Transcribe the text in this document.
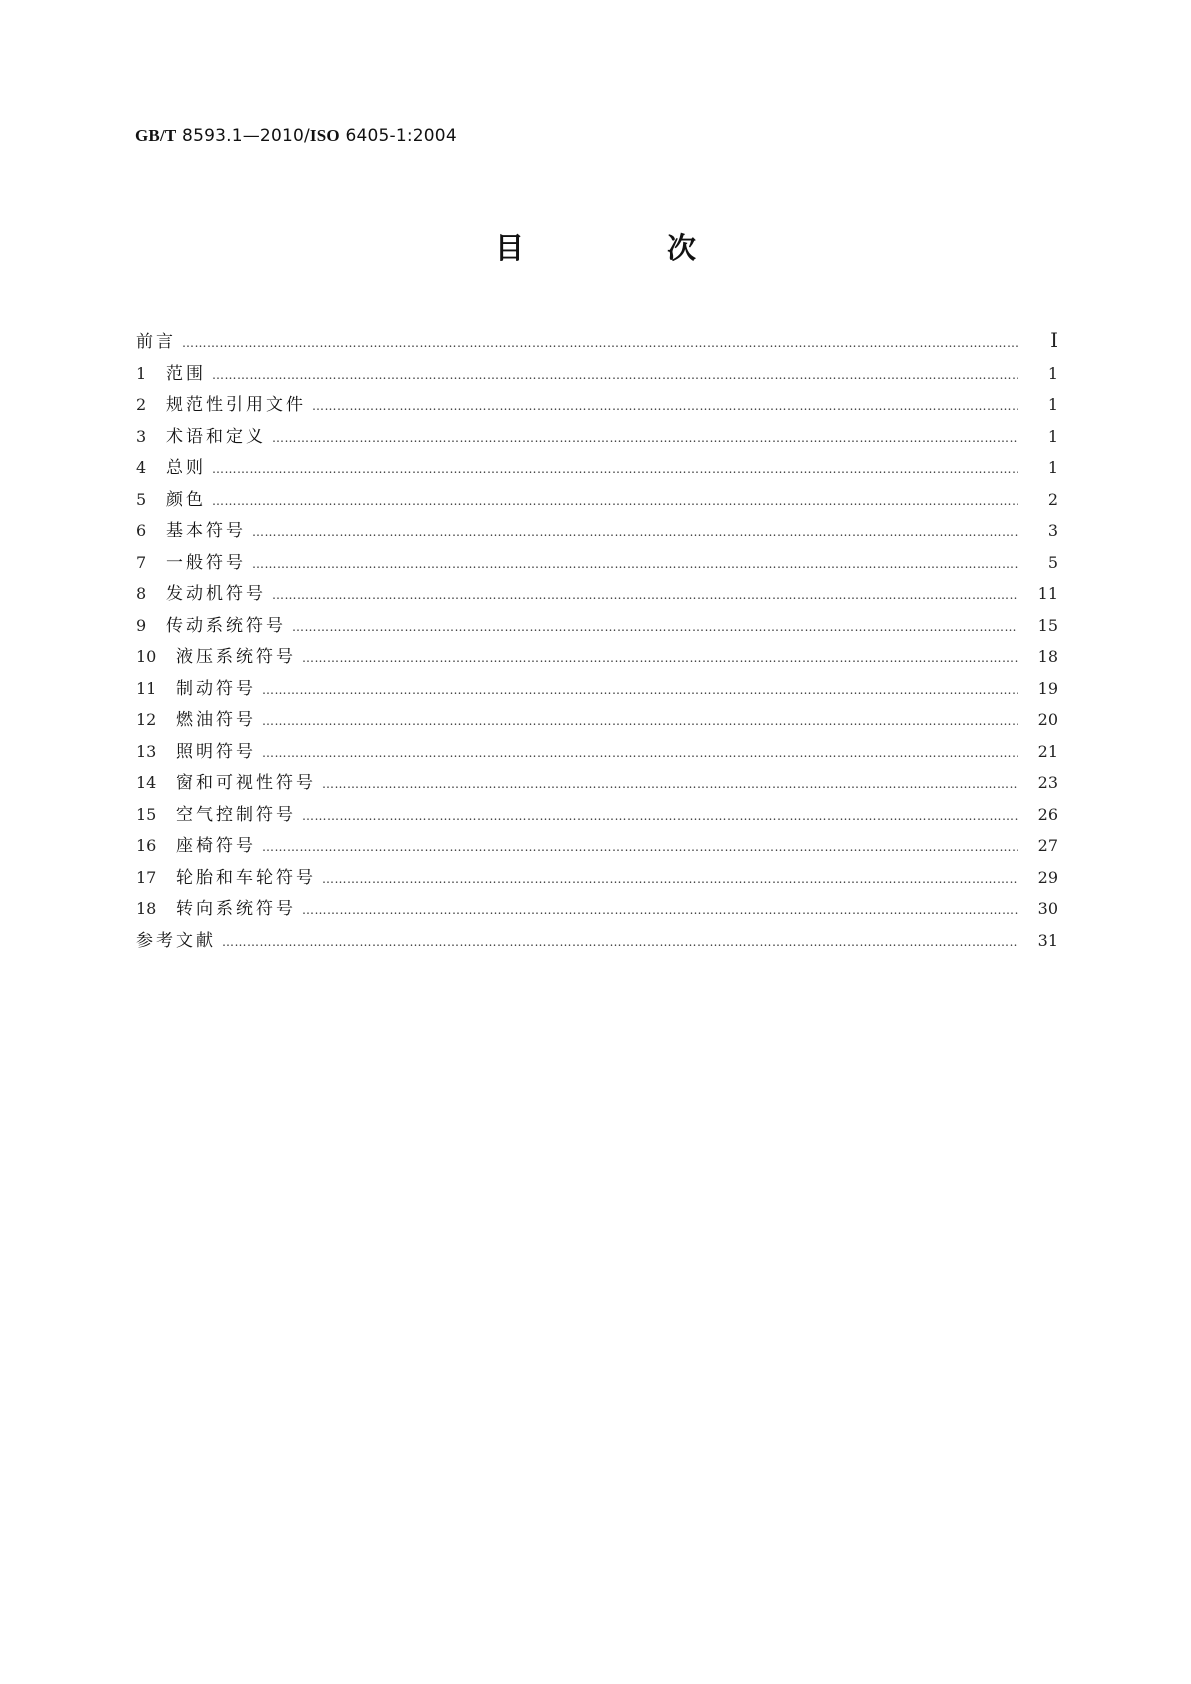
GB/T 8593.1—2010/ISO 6405-1:2004
目　次
前言 …………………………………………………………………………………………………………………………………………………………………………………………………………………………………………	Ⅰ
1	范围 …………………………………………………………………………………………………………………………………………………………………………………………………………………………………………	1
2	规范性引用文件 …………………………………………………………………………………………………………………………………………………………………………………………………………………………………………	1
3	术语和定义 …………………………………………………………………………………………………………………………………………………………………………………………………………………………………………	1
4	总则 …………………………………………………………………………………………………………………………………………………………………………………………………………………………………………	1
5	颜色 …………………………………………………………………………………………………………………………………………………………………………………………………………………………………………	2
6	基本符号 …………………………………………………………………………………………………………………………………………………………………………………………………………………………………………	3
7	一般符号 …………………………………………………………………………………………………………………………………………………………………………………………………………………………………………	5
8	发动机符号 …………………………………………………………………………………………………………………………………………………………………………………………………………………………………………	11
9	传动系统符号 …………………………………………………………………………………………………………………………………………………………………………………………………………………………………………	15
10	液压系统符号 …………………………………………………………………………………………………………………………………………………………………………………………………………………………………………	18
11	制动符号 …………………………………………………………………………………………………………………………………………………………………………………………………………………………………………	19
12	燃油符号 …………………………………………………………………………………………………………………………………………………………………………………………………………………………………………	20
13	照明符号 …………………………………………………………………………………………………………………………………………………………………………………………………………………………………………	21
14	窗和可视性符号 …………………………………………………………………………………………………………………………………………………………………………………………………………………………………………	23
15	空气控制符号 …………………………………………………………………………………………………………………………………………………………………………………………………………………………………………	26
16	座椅符号 …………………………………………………………………………………………………………………………………………………………………………………………………………………………………………	27
17	轮胎和车轮符号 …………………………………………………………………………………………………………………………………………………………………………………………………………………………………………	29
18	转向系统符号 …………………………………………………………………………………………………………………………………………………………………………………………………………………………………………	30
参考文献 …………………………………………………………………………………………………………………………………………………………………………………………………………………………………………	31
